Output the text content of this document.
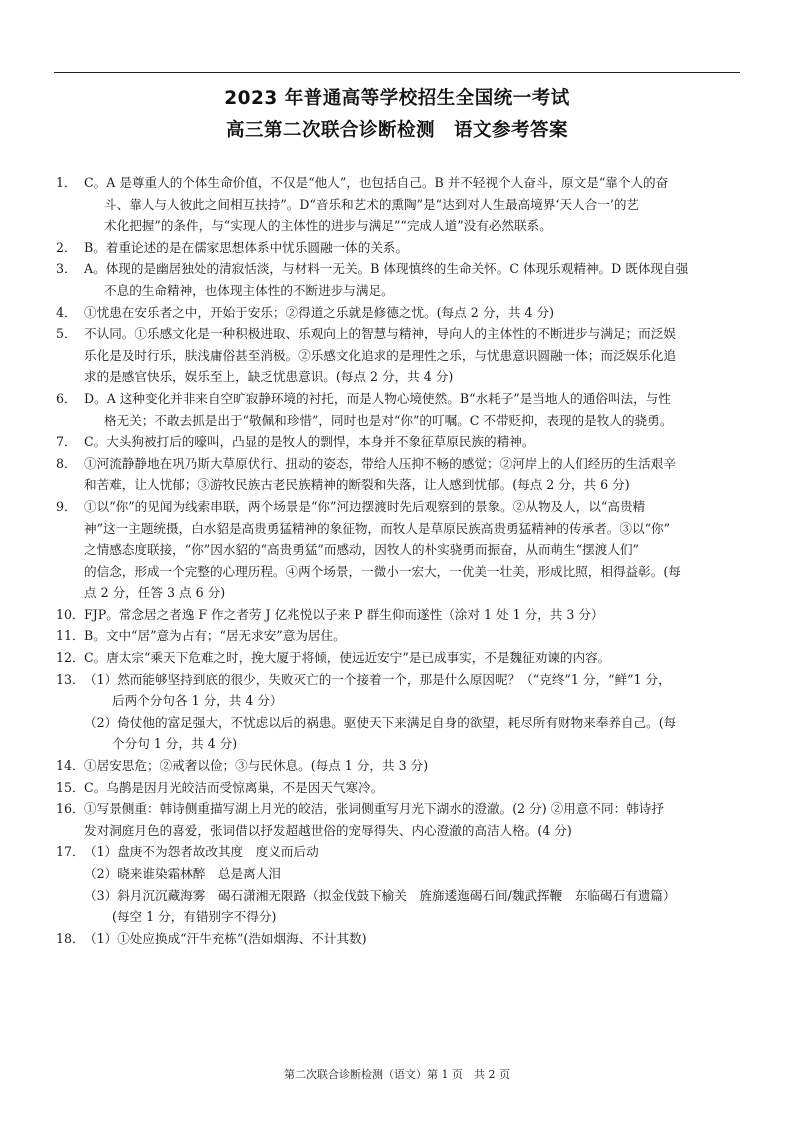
2023 年普通高等学校招生全国统一考试
高三第二次联合诊断检测　语文参考答案
1． C。A 是尊重人的个体生命价值，不仅是“他人”，也包括自己。B 并不轻视个人奋斗，原文是“靠个人的奋

斗、靠人与人彼此之间相互扶持”。D“音乐和艺术的熏陶”是“达到对人生最高境界‘天人合一’的艺

术化把握”的条件，与“实现人的主体性的进步与满足”“完成人道”没有必然联系。

2． B。着重论述的是在儒家思想体系中忧乐圆融一体的关系。

3． A。体现的是幽居独处的清寂恬淡，与材料一无关。B 体现慎终的生命关怀。C 体现乐观精神。D 既体现自强

不息的生命精神，也体现主体性的不断进步与满足。

4． ①忧患在安乐者之中，开始于安乐；②得道之乐就是修德之忧。(每点 2 分，共 4 分)

5． 不认同。①乐感文化是一种积极进取、乐观向上的智慧与精神，导向人的主体性的不断进步与满足；而泛娱

乐化是及时行乐，肤浅庸俗甚至消极。②乐感文化追求的是理性之乐，与忧患意识圆融一体；而泛娱乐化追

求的是感官快乐，娱乐至上，缺乏忧患意识。(每点 2 分，共 4 分)

6． D。A 这种变化并非来自空旷寂静环境的衬托，而是人物心境使然。B“水耗子”是当地人的通俗叫法，与性

格无关；不敢去抓是出于“敬佩和珍惜”，同时也是对“你”的叮嘱。C 不带贬抑，表现的是牧人的骁勇。

7． C。大头狗被打后的嚎叫，凸显的是牧人的剽悍，本身并不象征草原民族的精神。

8． ①河流静静地在巩乃斯大草原伏行、扭动的姿态，带给人压抑不畅的感觉；②河岸上的人们经历的生活艰辛

和苦难，让人忧郁；③游牧民族古老民族精神的断裂和失落，让人感到忧郁。(每点 2 分，共 6 分)

9． ①以“你”的见闻为线索串联，两个场景是“你”河边摆渡时先后观察到的景象。②从物及人，以“高贵精

神”这一主题统摄，白水貂是高贵勇猛精神的象征物，而牧人是草原民族高贵勇猛精神的传承者。③以“你”

之情感态度联接，“你”因水貂的“高贵勇猛”而感动，因牧人的朴实骁勇而振奋，从而萌生“摆渡人们”

的信念，形成一个完整的心理历程。④两个场景，一微小一宏大，一优美一壮美，形成比照，相得益彰。(每

点 2 分，任答 3 点 6 分)

10． FJP。常念居之者逸 F 作之者劳 J 亿兆悦以子来 P 群生仰而遂性（涂对 1 处 1 分，共 3 分）

11． B。文中“居”意为占有；“居无求安”意为居住。

12． C。唐太宗“乘天下危难之时，挽大厦于将倾，使远近安宁”是已成事实，不是魏征劝谏的内容。

13． （1）然而能够坚持到底的很少，失败灭亡的一个接着一个，那是什么原因呢？（“克终”1 分，“鲜”1 分，

后两个分句各 1 分，共 4 分）

（2）倚仗他的富足强大，不忧虑以后的祸患。驱使天下来满足自身的欲望，耗尽所有财物来奉养自己。(每

个分句 1 分，共 4 分)

14． ①居安思危；②戒奢以俭；③与民休息。(每点 1 分，共 3 分)

15． C。乌鹊是因月光皎洁而受惊离巢，不是因天气寒冷。

16． ①写景侧重：韩诗侧重描写湖上月光的皎洁，张词侧重写月光下湖水的澄澈。(2 分) ②用意不同：韩诗抒

发对洞庭月色的喜爱，张词借以抒发超越世俗的宠辱得失、内心澄澈的高洁人格。(4 分)

17． （1）盘庚不为怨者故改其度　度义而后动

（2）晓来谁染霜林醉　总是离人泪

（3）斜月沉沉藏海雾　碣石潇湘无限路（拟金伐鼓下榆关　旌旆逶迤碣石间/魏武挥鞭　东临碣石有遗篇）

(每空 1 分，有错别字不得分)

18． （1）①处应换成“汗牛充栋”(浩如烟海、不计其数)

第二次联合诊断检测（语文）第 1 页　共 2 页
